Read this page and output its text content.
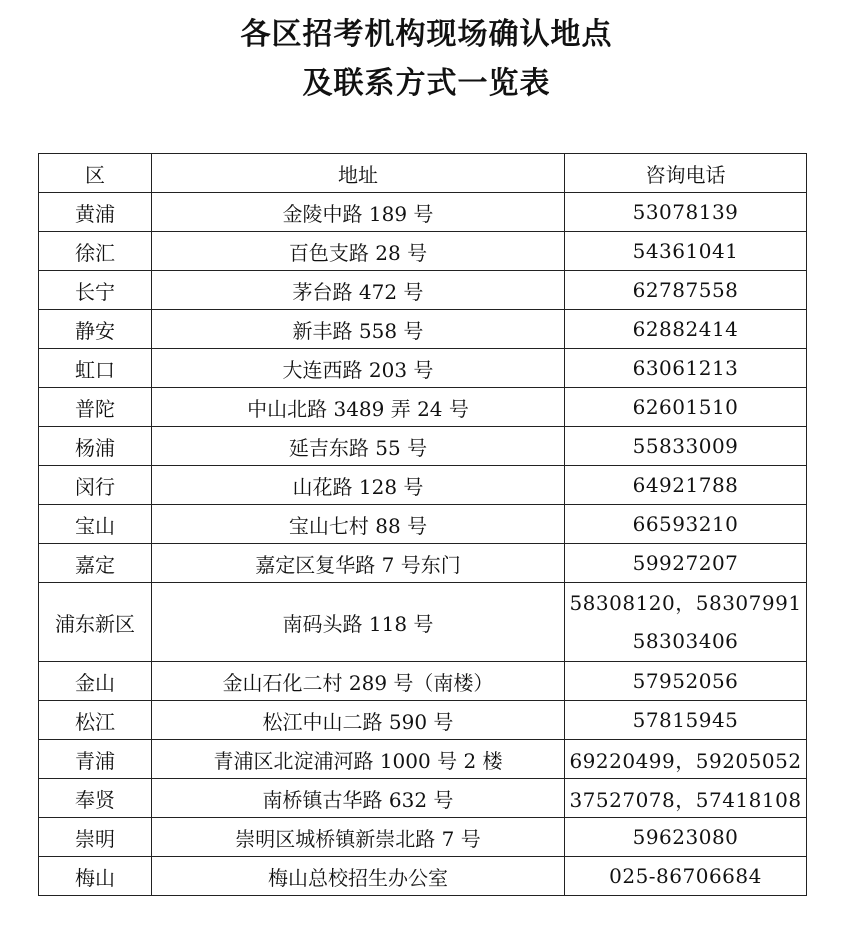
各区招考机构现场确认地点
及联系方式一览表
区	地址	咨询电话
黄浦	金陵中路 189 号	53078139
徐汇	百色支路 28 号	54361041
长宁	茅台路 472 号	62787558
静安	新丰路 558 号	62882414
虹口	大连西路 203 号	63061213
普陀	中山北路 3489 弄 24 号	62601510
杨浦	延吉东路 55 号	55833009
闵行	山花路 128 号	64921788
宝山	宝山七村 88 号	66593210
嘉定	嘉定区复华路 7 号东门	59927207
浦东新区	南码头路 118 号	58308120，58307991
58303406

金山	金山石化二村 289 号（南楼）	57952056
松江	松江中山二路 590 号	57815945
青浦	青浦区北淀浦河路 1000 号 2 楼	69220499，59205052
奉贤	南桥镇古华路 632 号	37527078，57418108
崇明	崇明区城桥镇新崇北路 7 号	59623080
梅山	梅山总校招生办公室	025-86706684
